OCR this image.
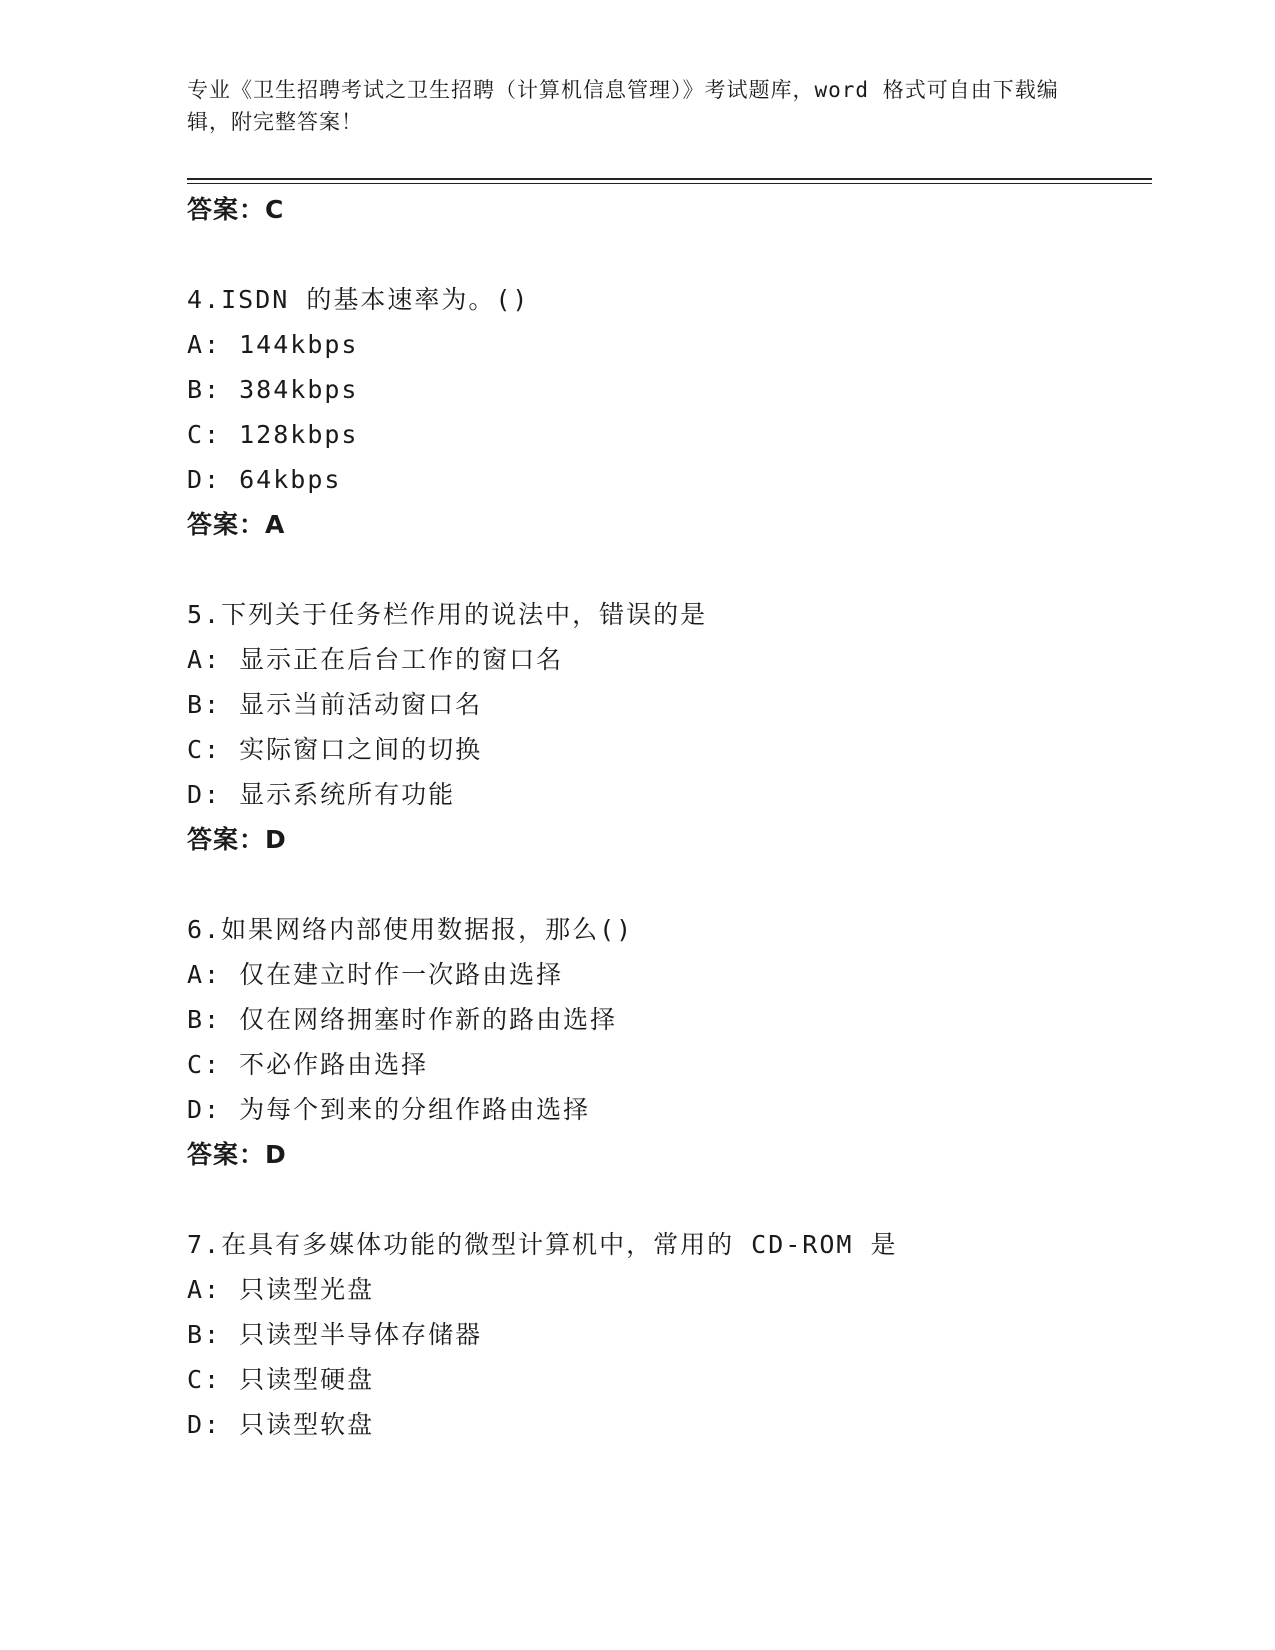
专业《卫生招聘考试之卫生招聘（计算机信息管理）》考试题库，word 格式可自由下载编辑，附完整答案！
答案：C
4.ISDN 的基本速率为。()
A: 144kbps
B: 384kbps
C: 128kbps
D: 64kbps
答案：A
5.下列关于任务栏作用的说法中，错误的是
A: 显示正在后台工作的窗口名
B: 显示当前活动窗口名
C: 实际窗口之间的切换
D: 显示系统所有功能
答案：D
6.如果网络内部使用数据报，那么()
A: 仅在建立时作一次路由选择
B: 仅在网络拥塞时作新的路由选择
C: 不必作路由选择
D: 为每个到来的分组作路由选择
答案：D
7.在具有多媒体功能的微型计算机中，常用的 CD-ROM 是
A: 只读型光盘
B: 只读型半导体存储器
C: 只读型硬盘
D: 只读型软盘
